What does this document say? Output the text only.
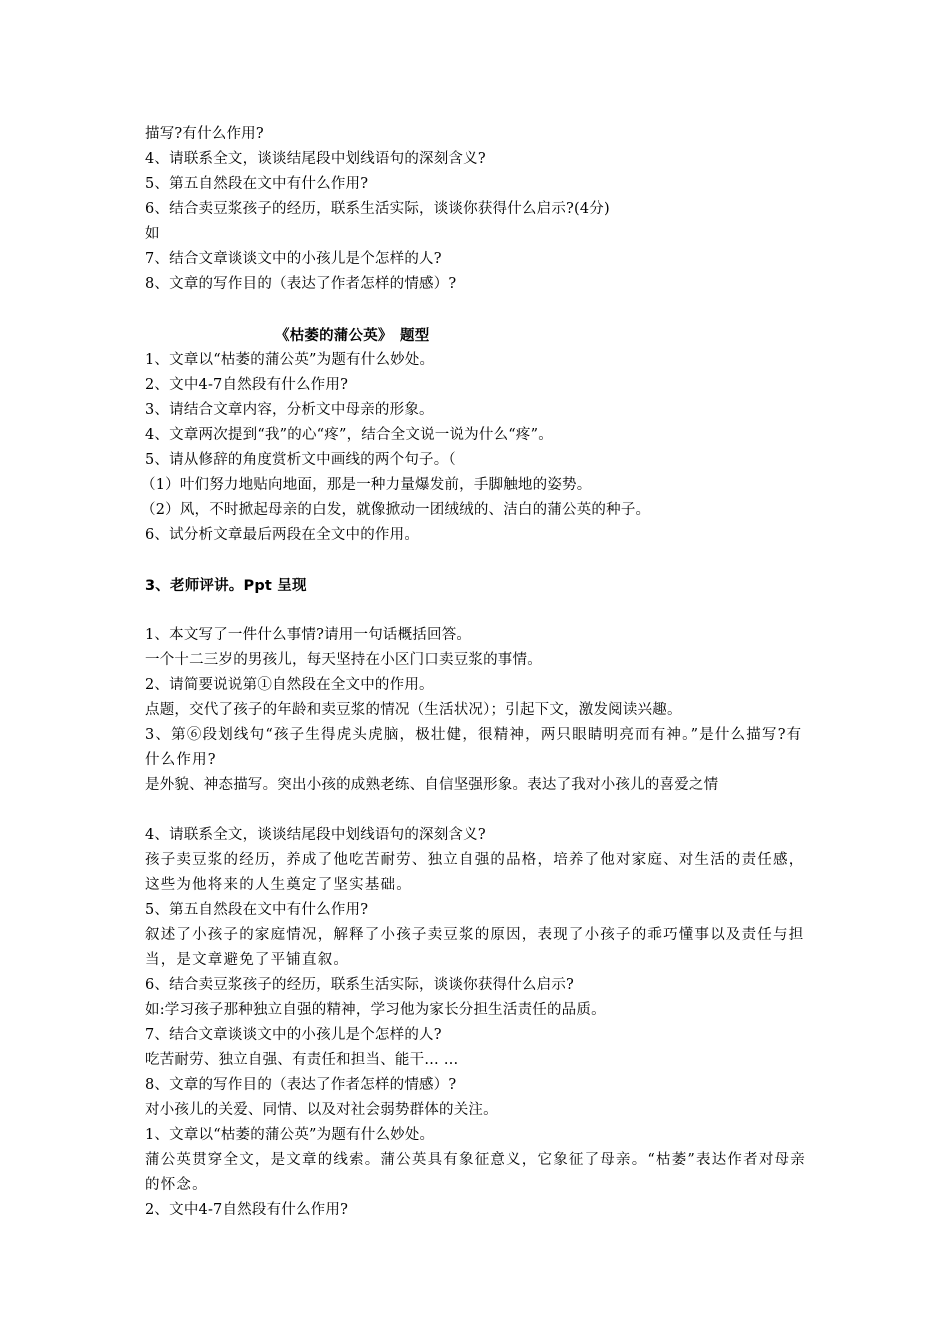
描写?有什么作用?
4、请联系全文，谈谈结尾段中划线语句的深刻含义?
5、第五自然段在文中有什么作用?
6、结合卖豆浆孩子的经历，联系生活实际，谈谈你获得什么启示?(4分)
如
7、结合文章谈谈文中的小孩儿是个怎样的人?
8、文章的写作目的（表达了作者怎样的情感）?
《枯萎的蒲公英》　题型
1、文章以“枯萎的蒲公英”为题有什么妙处。
2、文中4-7自然段有什么作用?
3、请结合文章内容，分析文中母亲的形象。
4、文章两次提到“我”的心“疼”，结合全文说一说为什么“疼”。
5、请从修辞的角度赏析文中画线的两个句子。（
（1）叶们努力地贴向地面，那是一种力量爆发前，手脚触地的姿势。
（2）风，不时掀起母亲的白发，就像掀动一团绒绒的、洁白的蒲公英的种子。
6、试分析文章最后两段在全文中的作用。
3、老师评讲。Ppt 呈现
1、本文写了一件什么事情?请用一句话概括回答。
一个十二三岁的男孩儿，每天坚持在小区门口卖豆浆的事情。
2、请简要说说第①自然段在全文中的作用。
点题，交代了孩子的年龄和卖豆浆的情况（生活状况）；引起下文，激发阅读兴趣。
3、第⑥段划线句“孩子生得虎头虎脑，极壮健，很精神，两只眼睛明亮而有神。”是什么描写?有什么作用?
是外貌、神态描写。突出小孩的成熟老练、自信坚强形象。表达了我对小孩儿的喜爱之情
4、请联系全文，谈谈结尾段中划线语句的深刻含义?
孩子卖豆浆的经历，养成了他吃苦耐劳、独立自强的品格，培养了他对家庭、对生活的责任感，这些为他将来的人生奠定了坚实基础。
5、第五自然段在文中有什么作用?
叙述了小孩子的家庭情况，解释了小孩子卖豆浆的原因，表现了小孩子的乖巧懂事以及责任与担当，是文章避免了平铺直叙。
6、结合卖豆浆孩子的经历，联系生活实际，谈谈你获得什么启示?
如:学习孩子那种独立自强的精神，学习他为家长分担生活责任的品质。
7、结合文章谈谈文中的小孩儿是个怎样的人?
吃苦耐劳、独立自强、有责任和担当、能干… …
8、文章的写作目的（表达了作者怎样的情感）?
对小孩儿的关爱、同情、以及对社会弱势群体的关注。
1、文章以“枯萎的蒲公英”为题有什么妙处。
蒲公英贯穿全文，是文章的线索。蒲公英具有象征意义，它象征了母亲。“枯萎”表达作者对母亲的怀念。
2、文中4-7自然段有什么作用?
